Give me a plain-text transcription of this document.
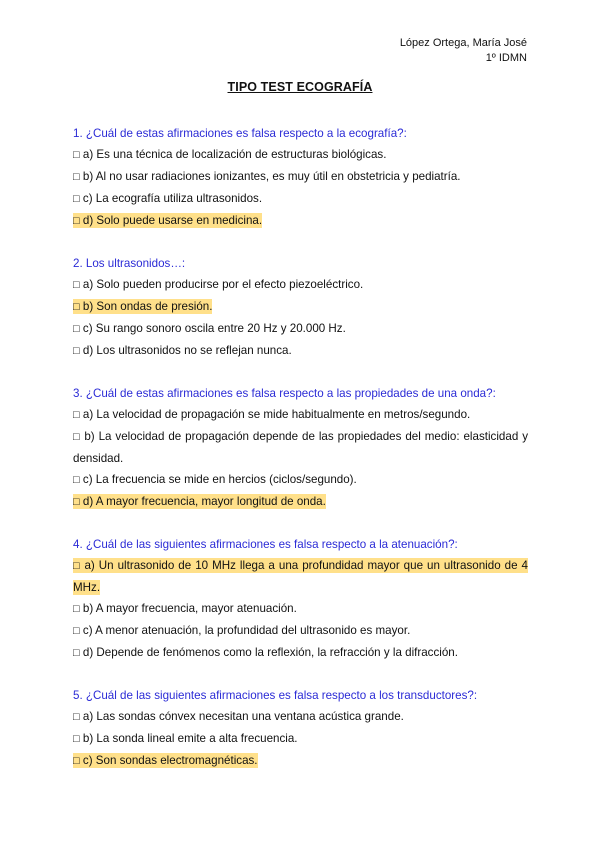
López Ortega, María José
1º IDMN
TIPO TEST ECOGRAFÍA
1. ¿Cuál de estas afirmaciones es falsa respecto a la ecografía?:
□ a) Es una técnica de localización de estructuras biológicas.
□ b) Al no usar radiaciones ionizantes, es muy útil en obstetricia y pediatría.
□ c) La ecografía utiliza ultrasonidos.
□ d) Solo puede usarse en medicina.
2. Los ultrasonidos…:
□ a) Solo pueden producirse por el efecto piezoeléctrico.
□ b) Son ondas de presión.
□ c) Su rango sonoro oscila entre 20 Hz y 20.000 Hz.
□ d) Los ultrasonidos no se reflejan nunca.
3. ¿Cuál de estas afirmaciones es falsa respecto a las propiedades de una onda?:
□ a) La velocidad de propagación se mide habitualmente en metros/segundo.
□ b) La velocidad de propagación depende de las propiedades del medio: elasticidad y densidad.
□ c) La frecuencia se mide en hercios (ciclos/segundo).
□ d) A mayor frecuencia, mayor longitud de onda.
4. ¿Cuál de las siguientes afirmaciones es falsa respecto a la atenuación?:
□ a) Un ultrasonido de 10 MHz llega a una profundidad mayor que un ultrasonido de 4 MHz.
□ b) A mayor frecuencia, mayor atenuación.
□ c) A menor atenuación, la profundidad del ultrasonido es mayor.
□ d) Depende de fenómenos como la reflexión, la refracción y la difracción.
5. ¿Cuál de las siguientes afirmaciones es falsa respecto a los transductores?:
□ a) Las sondas cónvex necesitan una ventana acústica grande.
□ b) La sonda lineal emite a alta frecuencia.
□ c) Son sondas electromagnéticas.
